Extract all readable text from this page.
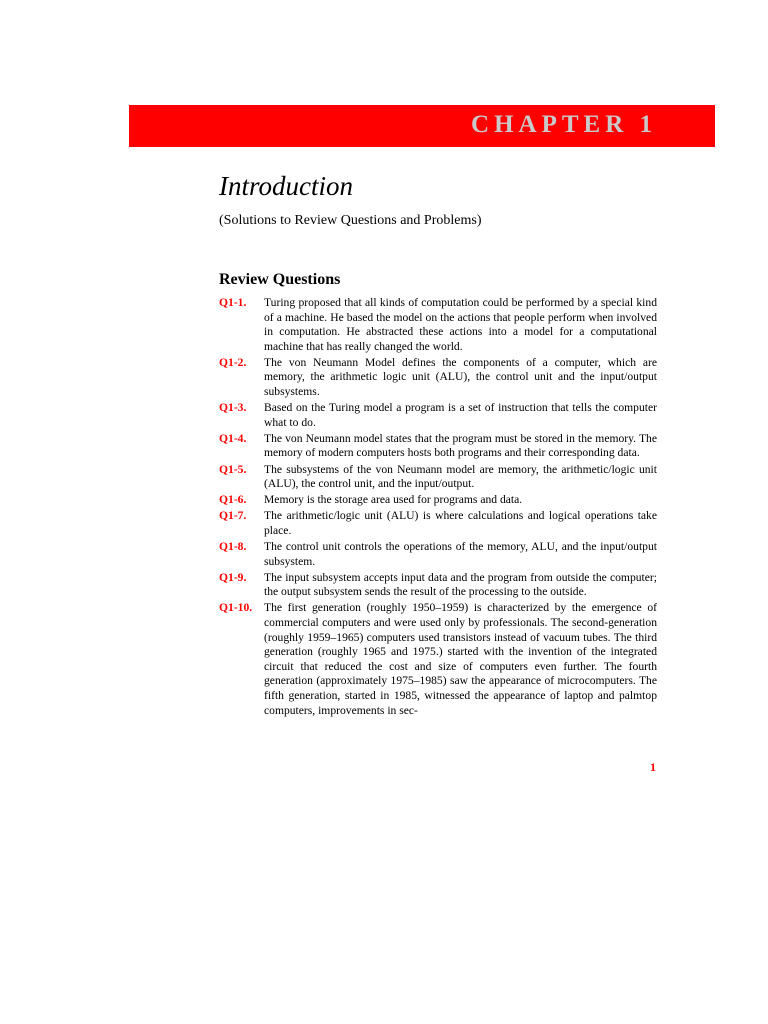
CHAPTER 1
Introduction
(Solutions to Review Questions and Problems)
Review Questions
Q1-1. Turing proposed that all kinds of computation could be performed by a special kind of a machine. He based the model on the actions that people perform when involved in computation. He abstracted these actions into a model for a computational machine that has really changed the world.
Q1-2. The von Neumann Model defines the components of a computer, which are memory, the arithmetic logic unit (ALU), the control unit and the input/output subsystems.
Q1-3. Based on the Turing model a program is a set of instruction that tells the computer what to do.
Q1-4. The von Neumann model states that the program must be stored in the memory. The memory of modern computers hosts both programs and their corresponding data.
Q1-5. The subsystems of the von Neumann model are memory, the arithmetic/logic unit (ALU), the control unit, and the input/output.
Q1-6. Memory is the storage area used for programs and data.
Q1-7. The arithmetic/logic unit (ALU) is where calculations and logical operations take place.
Q1-8. The control unit controls the operations of the memory, ALU, and the input/output subsystem.
Q1-9. The input subsystem accepts input data and the program from outside the computer; the output subsystem sends the result of the processing to the outside.
Q1-10. The first generation (roughly 1950–1959) is characterized by the emergence of commercial computers and were used only by professionals. The second-generation (roughly 1959–1965) computers used transistors instead of vacuum tubes. The third generation (roughly 1965 and 1975.) started with the invention of the integrated circuit that reduced the cost and size of computers even further. The fourth generation (approximately 1975–1985) saw the appearance of microcomputers. The fifth generation, started in 1985, witnessed the appearance of laptop and palmtop computers, improvements in sec-
1
